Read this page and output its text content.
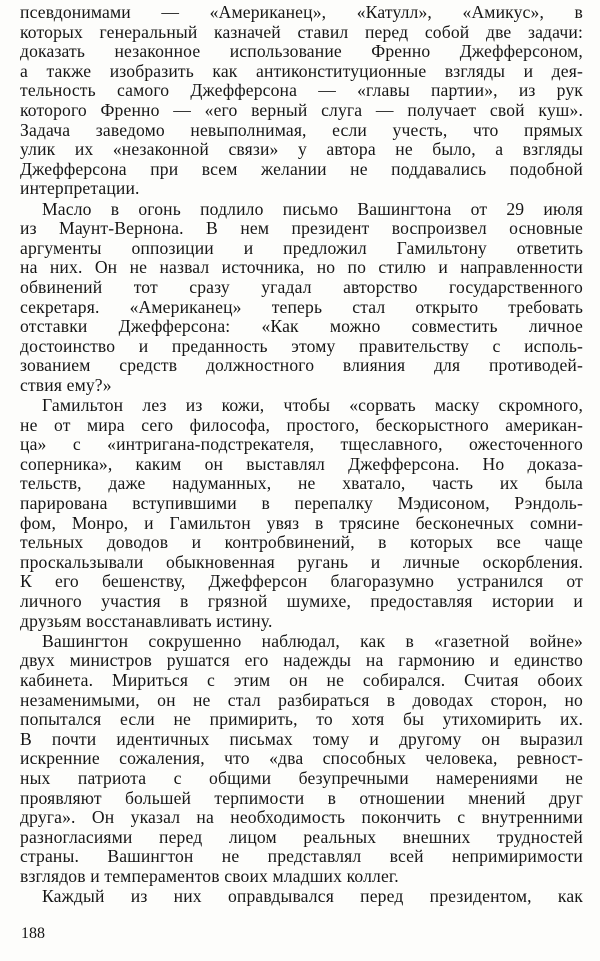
псевдонимами — «Американец», «Катулл», «Амикус», в
которых генеральный казначей ставил перед собой две задачи:
доказать незаконное использование Френно Джефферсоном,
а также изобразить как антиконституционные взгляды и дея-
тельность самого Джефферсона — «главы партии», из рук
которого Френно — «его верный слуга — получает свой куш».
Задача заведомо невыполнимая, если учесть, что прямых
улик их «незаконной связи» у автора не было, а взгляды
Джефферсона при всем желании не поддавались подобной
интерпретации.
Масло в огонь подлило письмо Вашингтона от 29 июля
из Маунт-Вернона. В нем президент воспроизвел основные
аргументы оппозиции и предложил Гамильтону ответить
на них. Он не назвал источника, но по стилю и направленности
обвинений тот сразу угадал авторство государственного
секретаря. «Американец» теперь стал открыто требовать
отставки Джефферсона: «Как можно совместить личное
достоинство и преданность этому правительству с исполь-
зованием средств должностного влияния для противодей-
ствия ему?»
Гамильтон лез из кожи, чтобы «сорвать маску скромного,
не от мира сего философа, простого, бескорыстного американ-
ца» с «интригана-подстрекателя, тщеславного, ожесточенного
соперника», каким он выставлял Джефферсона. Но доказа-
тельств, даже надуманных, не хватало, часть их была
парирована вступившими в перепалку Мэдисоном, Рэндоль-
фом, Монро, и Гамильтон увяз в трясине бесконечных сомни-
тельных доводов и контробвинений, в которых все чаще
проскальзывали обыкновенная ругань и личные оскорбления.
К его бешенству, Джефферсон благоразумно устранился от
личного участия в грязной шумихе, предоставляя истории и
друзьям восстанавливать истину.
Вашингтон сокрушенно наблюдал, как в «газетной войне»
двух министров рушатся его надежды на гармонию и единство
кабинета. Мириться с этим он не собирался. Считая обоих
незаменимыми, он не стал разбираться в доводах сторон, но
попытался если не примирить, то хотя бы утихомирить их.
В почти идентичных письмах тому и другому он выразил
искренние сожаления, что «два способных человека, ревност-
ных патриота с общими безупречными намерениями не
проявляют большей терпимости в отношении мнений друг
друга». Он указал на необходимость покончить с внутренними
разногласиями перед лицом реальных внешних трудностей
страны. Вашингтон не представлял всей непримиримости
взглядов и темпераментов своих младших коллег.
Каждый из них оправдывался перед президентом, как
188
